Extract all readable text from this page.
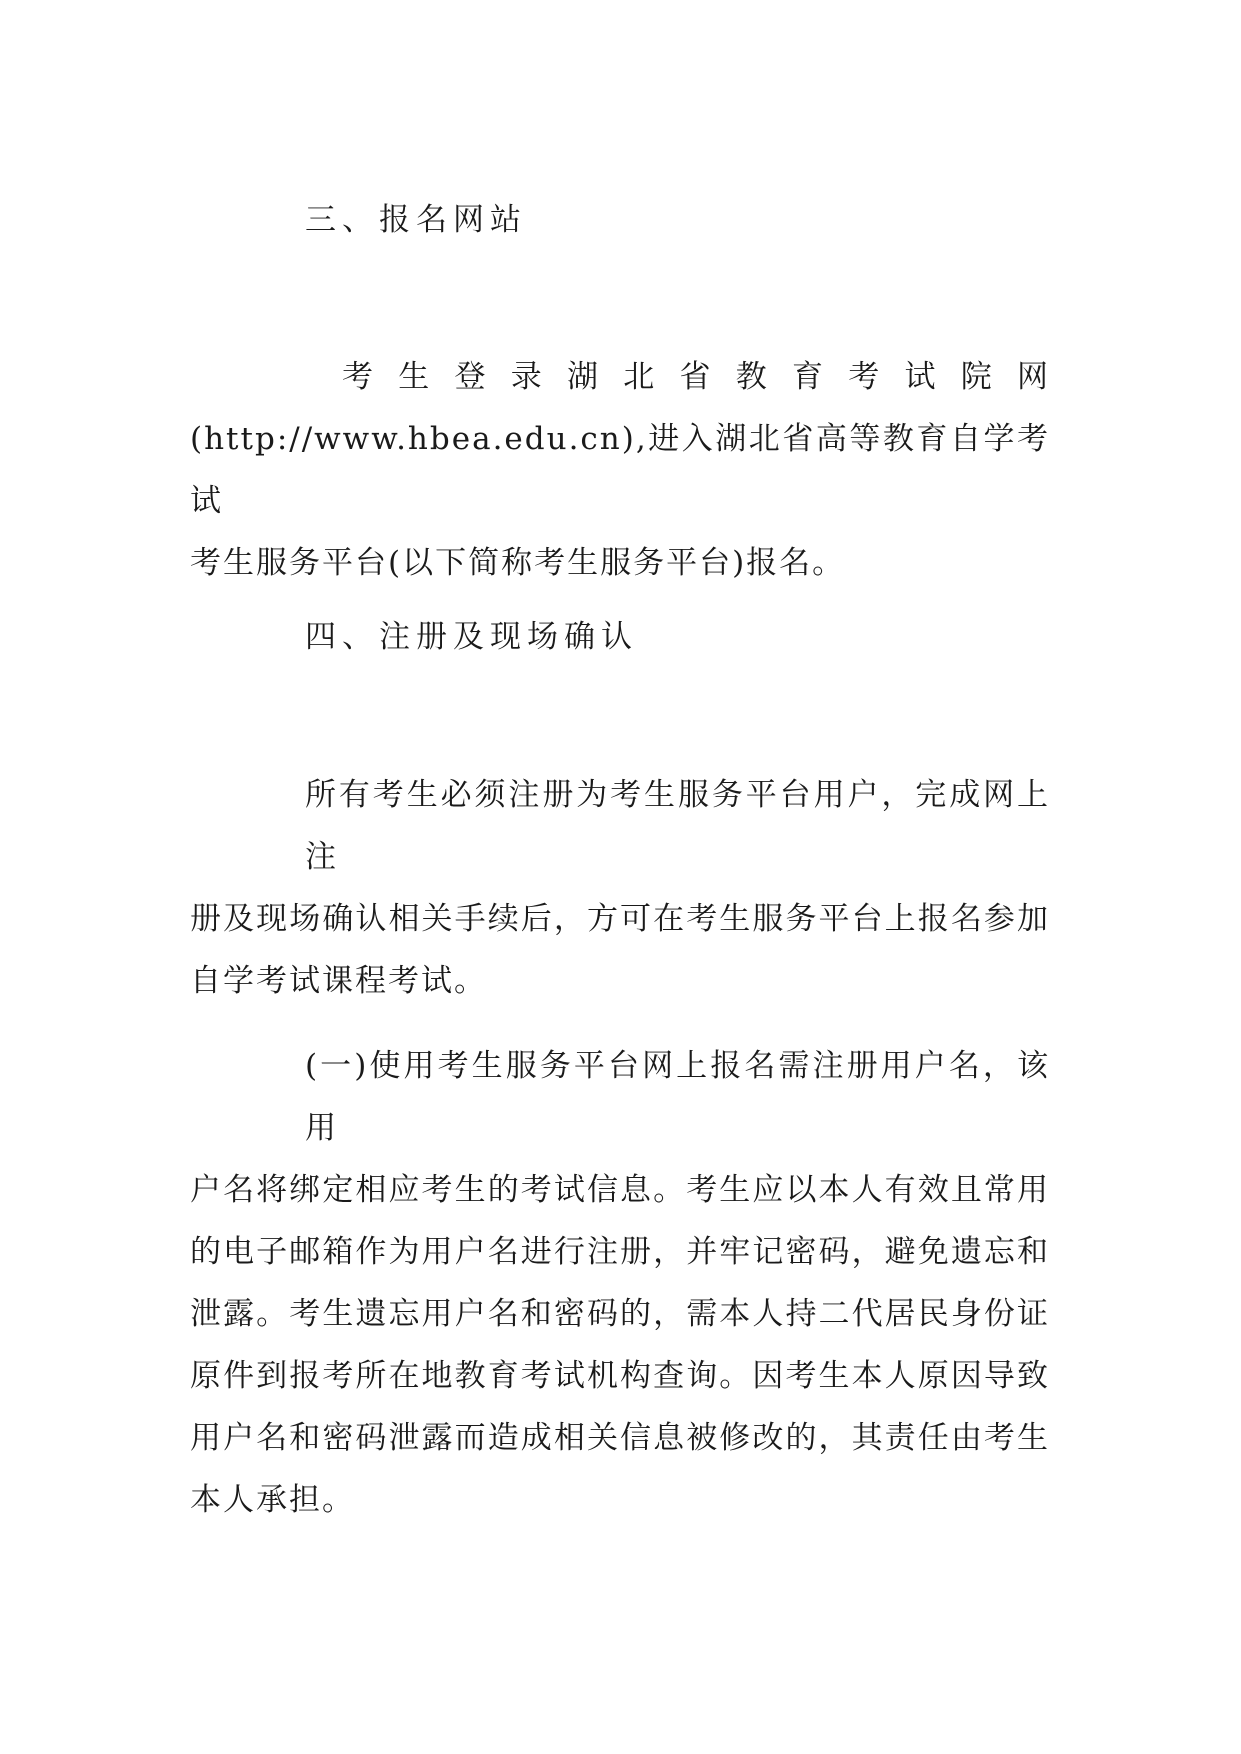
三、报名网站
考 生 登 录 湖 北 省 教 育 考 试 院 网
(http://www.hbea.edu.cn),进入湖北省高等教育自学考试
考生服务平台(以下简称考生服务平台)报名。
四、注册及现场确认
所有考生必须注册为考生服务平台用户，完成网上注
册及现场确认相关手续后，方可在考生服务平台上报名参加
自学考试课程考试。
(一)使用考生服务平台网上报名需注册用户名，该用
户名将绑定相应考生的考试信息。考生应以本人有效且常用
的电子邮箱作为用户名进行注册，并牢记密码，避免遗忘和
泄露。考生遗忘用户名和密码的，需本人持二代居民身份证
原件到报考所在地教育考试机构查询。因考生本人原因导致
用户名和密码泄露而造成相关信息被修改的，其责任由考生
本人承担。
